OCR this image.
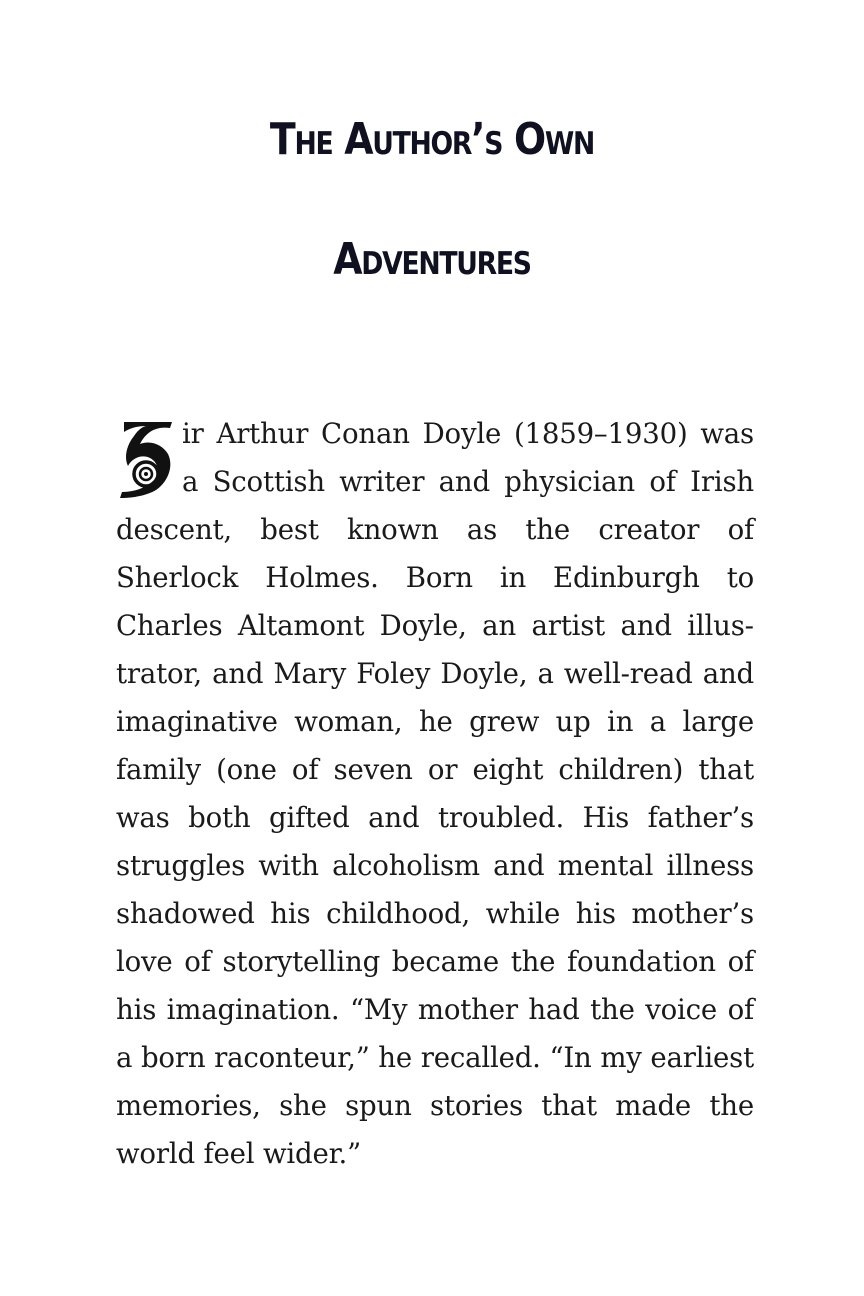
The Author’s Own
Adventures

ir Arthur Conan Doyle (1859–1930) was a Scottish writer and physician of Irish descent, best known as the creator of Sherlock Holmes. Born in Edinburgh to Charles Altamont Doyle, an artist and illustrator, and Mary Foley Doyle, a well-read and imaginative woman, he grew up in a large family (one of seven or eight children) that was both gifted and troubled. His father’s struggles with alcoholism and mental illness shadowed his childhood, while his mother’s love of storytelling became the foundation of his imagination. “My mother had the voice of a born raconteur,” he recalled. “In my earliest memories, she spun stories that made the world feel wider.”
